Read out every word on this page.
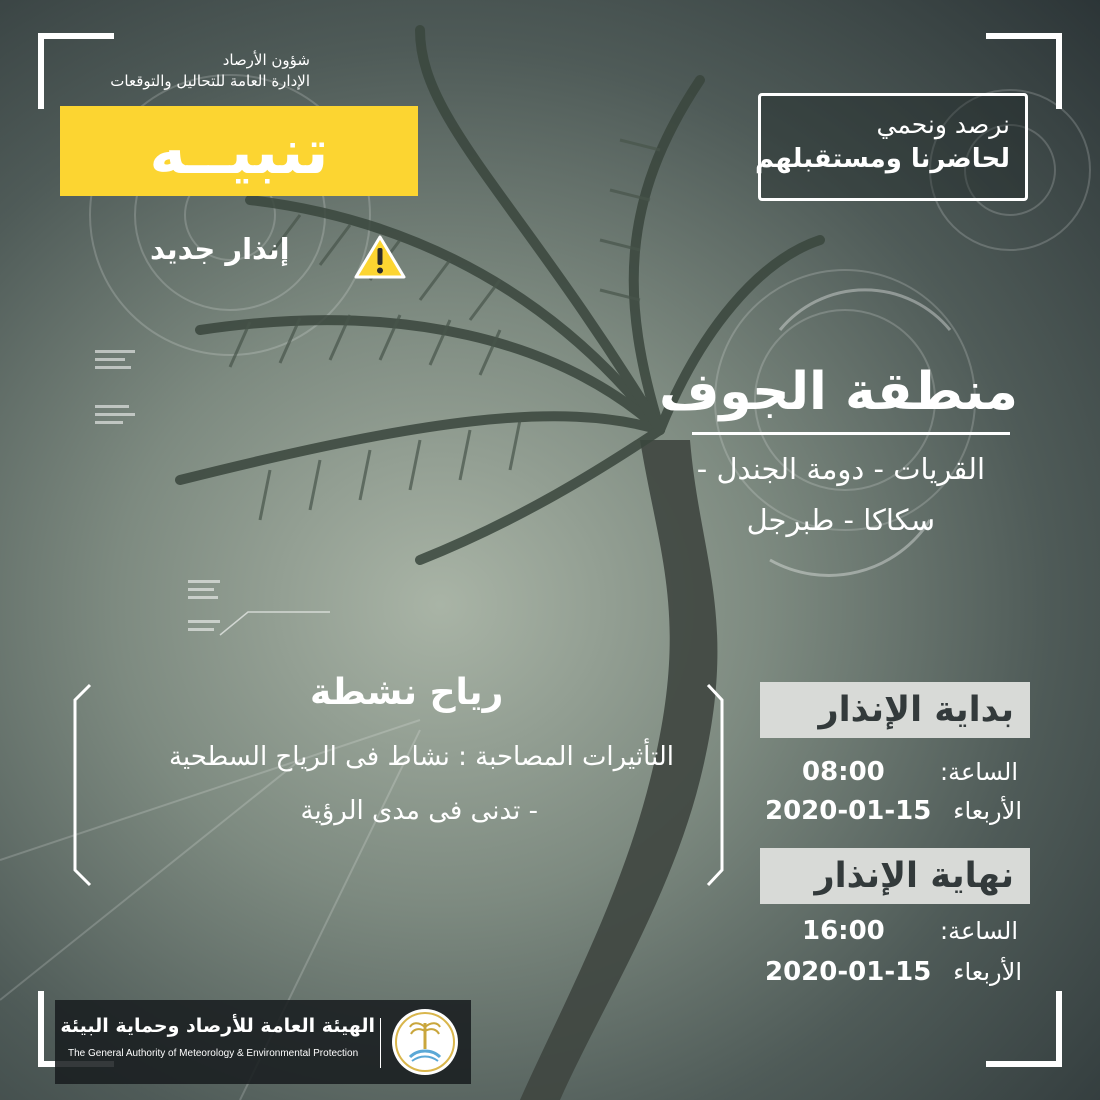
شؤون الأرصاد
الإدارة العامة للتحاليل والتوقعات
تنبيــه
إنذار جديد
نرصد ونحمي
لحاضرنا ومستقبلهم
منطقة الجوف
القريات - دومة الجندل -
سكاكا - طبرجل
رياح نشطة
التأثيرات المصاحبة : نشاط فى الرياح السطحية
- تدنى فى مدى الرؤية
بداية الإنذار
الساعة:
08:00
الأربعاء
2020-01-15
نهاية الإنذار
الساعة:
16:00
الأربعاء
2020-01-15
الهيئة العامة للأرصاد وحماية البيئة
The General Authority of Meteorology & Environmental Protection
